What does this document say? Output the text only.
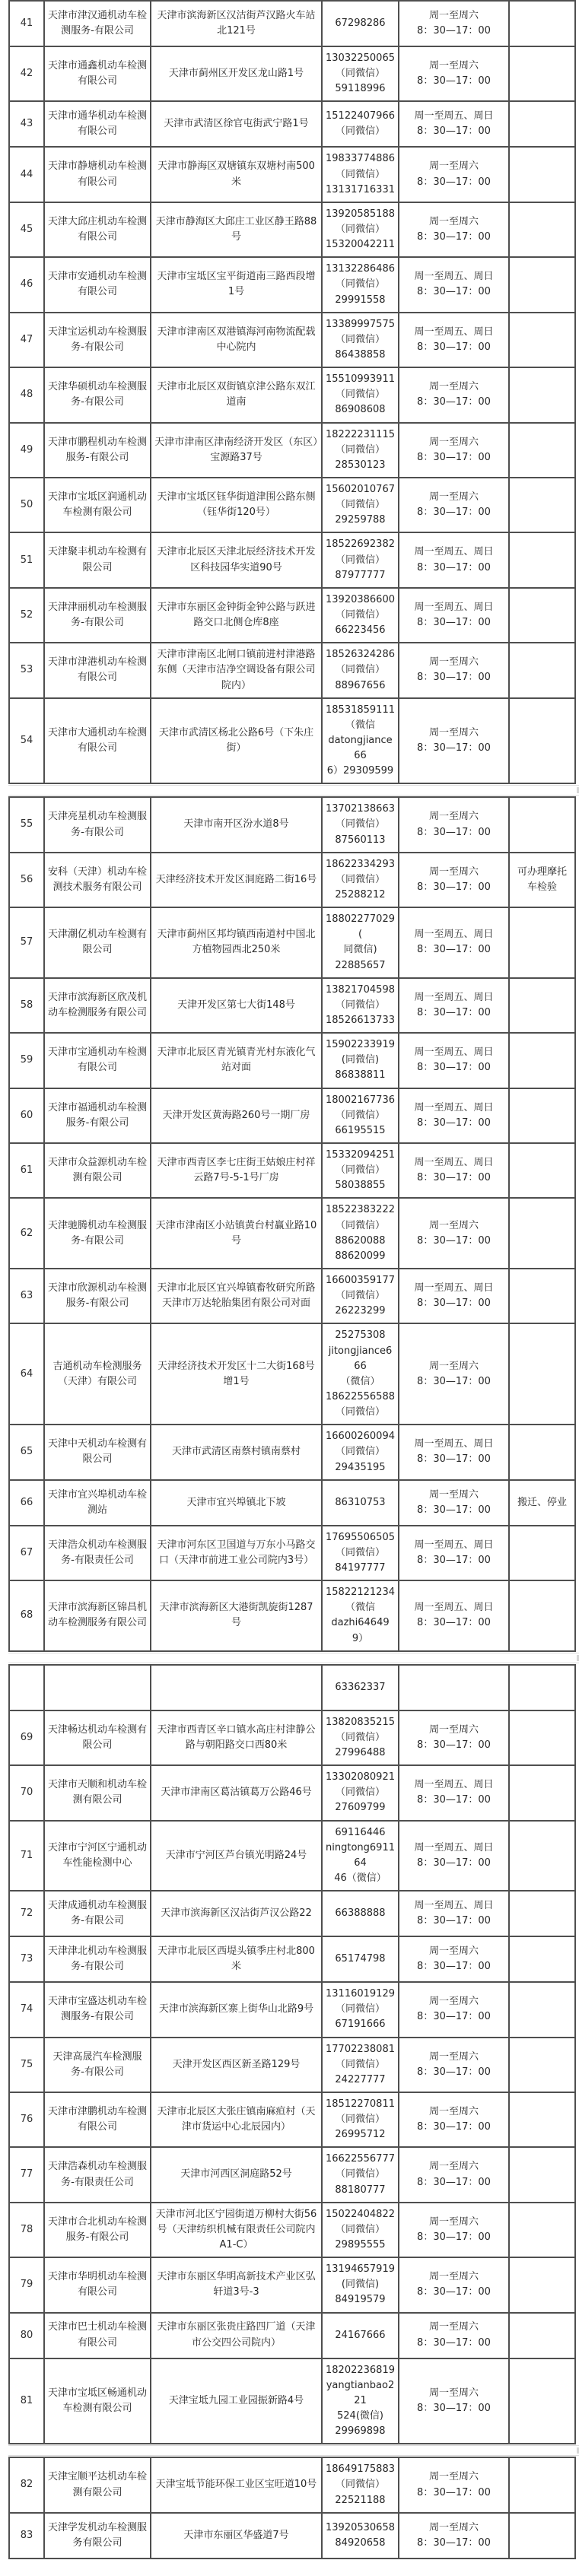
41	天津市津汉通机动车检测服务-有限公司	天津市滨海新区汉沽街芦汉路火车站北121号	67298286	周一至周六
8：30—17：00	

42	天津市通鑫机动车检测有限公司	天津市蓟州区开发区龙山路1号	13032250065
（同微信）
59118996	周一至周六
8：30—17：00	

43	天津市通华机动车检测有限公司	天津市武清区徐官屯街武宁路1号	15122407966
（同微信）	周一至周五、周日
8：30—17：00	

44	天津市静塘机动车检测有限公司	天津市静海区双塘镇东双塘村南500米	19833774886
（同微信）
13131716331	周一至周六
8：30—17：00	

45	天津大邱庄机动车检测有限公司	天津市静海区大邱庄工业区静王路88号	13920585188
（同微信）
15320042211	周一至周六
8：30—17：00	

46	天津市安通机动车检测有限公司	天津市宝坻区宝平街道南三路西段增1号	13132286486
（同微信）
29991558	周一至周五、周日
8：30—17：00	

47	天津宝运机动车检测服务-有限公司	天津市津南区双港镇海河南物流配载中心院内	13389997575
（同微信）
86438858	周一至周五、周日
8：30—17：00	

48	天津华硕机动车检测服务-有限公司	天津市北辰区双街镇京津公路东双江道南	15510993911
（同微信）
86908608	周一至周六
8：30—17：00	

49	天津市鹏程机动车检测服务-有限公司	天津市津南区津南经济开发区（东区）宝源路37号	18222231115
（同微信）
28530123	周一至周六
8：30—17：00	

50	天津市宝坻区润通机动车检测有限公司	天津市宝坻区钰华街道津围公路东侧（钰华街120号）	15602010767
（同微信）
29259788	周一至周六
8：30—17：00	

51	天津聚丰机动车检测有限公司	天津市北辰区天津北辰经济技术开发区科技园华实道90号	18522692382
（同微信）
87977777	周一至周五、周日
8：30—17：00	

52	天津津丽机动车检测服务-有限公司	天津市东丽区金钟街金钟公路与跃进路交口北侧仓库8座	13920386600
（同微信）
66223456	周一至周五、周日
8：30—17：00	

53	天津市津港机动车检测有限公司	天津市津南区北闸口镇前进村津港路东侧（天津市洁净空调设备有限公司院内）	18526324286
（同微信）
88967656	周一至周六
8：30—17：00	

54	天津市大通机动车检测有限公司	天津市武清区杨北公路6号（下朱庄街）	18531859111
（微信
datongjiance66
6）29309599	周一至周六
8：30—17：00	

55	天津亮星机动车检测服务-有限公司	天津市南开区汾水道8号	13702138663
（同微信）
87560113	周一至周六
8：30—17：00	

56	安科（天津）机动车检测技术服务有限公司	天津经济技术开发区洞庭路二街16号	18622334293
（同微信）
25288212	周一至周六
8：30—17：00	可办理摩托车检验
57	天津潮亿机动车检测有限公司	天津市蓟州区邦均镇西南道村中国北方植物园西北250米	18802277029(
同微信)
22885657	周一至周五、周日
8：30—17：00	

58	天津市滨海新区欣茂机动车检测服务有限公司	天津开发区第七大街148号	13821704598
（同微信）
18526613733	周一至周五、周日
8：30—17：00	

59	天津市宝通机动车检测有限公司	天津市北辰区青光镇青光村东液化气站对面	15902233919
(同微信)
86838811	周一至周五、周日
8：30—17：00	

60	天津市福通机动车检测服务-有限公司	天津开发区黄海路260号一期厂房	18002167736
（同微信）
66195515	周一至周五、周日
8：30—17：00	

61	天津市众益源机动车检测有限公司	天津市西青区李七庄街王姑娘庄村祥云路7号-5-1号厂房	15332094251
（同微信）
58038855	周一至周五、周日
8：30—17：00	

62	天津驰腾机动车检测服务-有限公司	天津市津南区小站镇黄台村赢业路10号	18522383222
（同微信）
88620088
88620099	周一至周六
8：30—17：00	

63	天津市欣源机动车检测服务-有限公司	天津市北辰区宜兴埠镇畜牧研究所路天津市万达轮胎集团有限公司对面	16600359177
（同微信）
26223299	周一至周五、周日
8：30—17：00	

64	吉通机动车检测服务（天津）有限公司	天津经济技术开发区十二大街168号增1号	25275308
jitongjiance666
（微信）
18622556588
（同微信）	周一至周六
8：30—17：00	

65	天津中天机动车检测有限公司	天津市武清区南蔡村镇南蔡村	16600260094
（同微信）
29435195	周一至周五、周日
8：30—17：00	

66	天津市宜兴埠机动车检测站	天津市宜兴埠镇北下坡	86310753	周一至周六
8：30—17：00	搬迁、停业
67	天津浩众机动车检测服务-有限责任公司	天津市河东区卫国道与万东小马路交口（天津市前进工业公司院内3号）	17695506505
（同微信）
84197777	周一至周五、周日
8：30—17：00	

68	天津市滨海新区锦昌机动车检测服务有限公司	天津市滨海新区大港街凯旋街1287号	15822121234
（微信
dazhi646499）	周一至周五、周日
8：30—17：00	

			63362337		

69	天津畅达机动车检测有限公司	天津市西青区辛口镇水高庄村津静公路与朝阳路交口西80米	13820835215
（同微信）
27996488	周一至周六
8：30—17：00	

70	天津市天顺和机动车检测有限公司	天津市津南区葛沽镇葛万公路46号	13302080921
（同微信）
27609799	周一至周五、周日
8：30—17：00	

71	天津市宁河区宁通机动车性能检测中心	天津市宁河区芦台镇光明路24号	69116446
ningtong691164
46（微信）	周一至周五、周日
8：30—17：00	

72	天津成通机动车检测服务-有限公司	天津市滨海新区汉沽街芦汉公路22	66388888	周一至周五、周日
8：30—17：00	

73	天津津北机动车检测服务-有限公司	天津市北辰区西堤头镇季庄村北800米	65174798	周一至周六
8：30—17：00	

74	天津市宝盛达机动车检测服务-有限公司	天津市滨海新区寨上街华山北路9号	13116019129
（同微信）
67191666	周一至周六
8：30—17：00	

75	天津高晟汽车检测服务-有限公司	天津开发区西区新圣路129号	17702238081
（同微信）
24227777	周一至周六
8：30—17：00	

76	天津市津鹏机动车检测有限公司	天津市北辰区大张庄镇南麻疸村（天津市货运中心北辰园内）	18512270811
（同微信）
26995712	周一至周六
8：30—17：00	

77	天津浩森机动车检测服务-有限责任公司	天津市河西区洞庭路52号	16622556777
（同微信）
88180777	周一至周六
8：30—17：00	

78	天津市合北机动车检测服务-有限公司	天津市河北区宁园街道万柳村大街56号（天津纺织机械有限责任公司院内A1-C）	15022404822
（同微信）
29895555	周一至周六
8：30—17：00	

79	天津市华明机动车检测有限公司	天津市东丽区华明高新技术产业区弘轩道3号-3	13194657919
(同微信)
84919579	周一至周六
8：30—17：00	

80	天津市巴士机动车检测有限公司	天津市东丽区张贵庄路四厂道（天津市公交四公司院内）	24167666	周一至周六
8：30—17：00	

81	天津市宝坻区畅通机动车检测有限公司	天津宝坻九园工业园振新路4号	18202236819
yangtianbao221
524(微信)
29969898	周一至周六
8：30—17：00	

82	天津宝顺平达机动车检测有限公司	天津宝坻节能环保工业区宝旺道10号	18649175883
（同微信）
22521188	周一至周六
8：30—17：00	

83	天津学发机动车检测服务有限公司	天津市东丽区华盛道7号	13920530658
84920658	周一至周六
8：30—17：00	
